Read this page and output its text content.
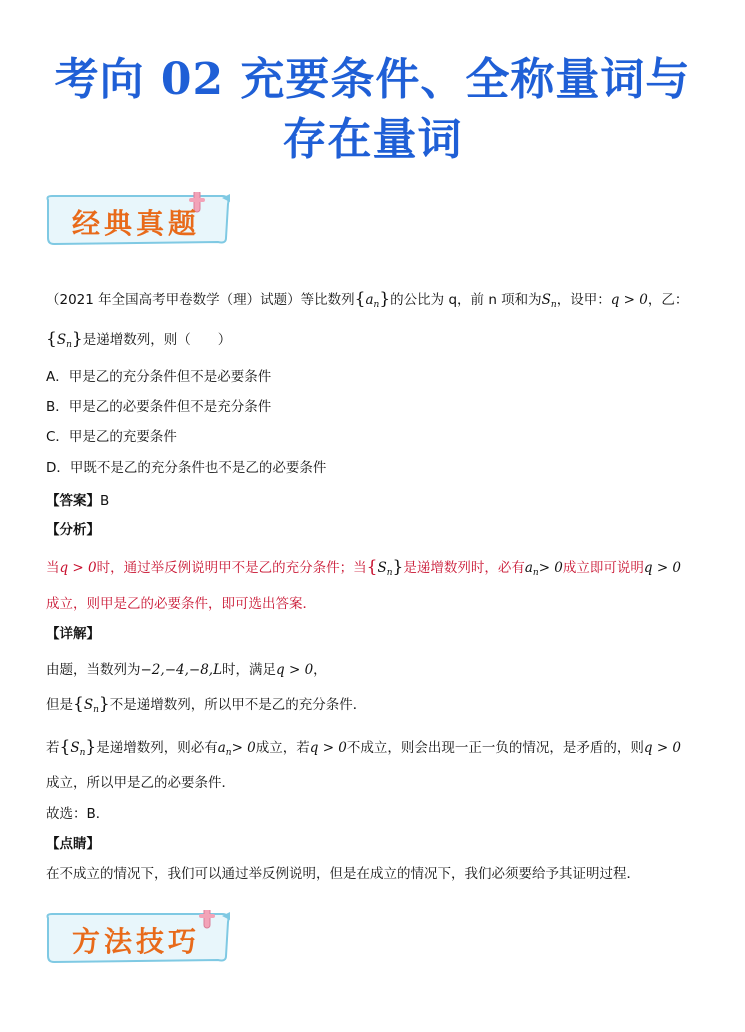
考向 02 充要条件、全称量词与
存在量词
经典真题
（2021 年全国高考甲卷数学（理）试题）等比数列$\{a_n\}$的公比为 q，前 n 项和为$S_n$，设甲：q > 0，乙：
$\{S_n\}$是递增数列，则（　　）
A．甲是乙的充分条件但不是必要条件
B．甲是乙的必要条件但不是充分条件
C．甲是乙的充要条件
D．甲既不是乙的充分条件也不是乙的必要条件
【答案】B
【分析】
当q > 0时，通过举反例说明甲不是乙的充分条件；当$\{S_n\}$是递增数列时，必有$a_n> 0$成立即可说明q > 0
成立，则甲是乙的必要条件，即可选出答案．
【详解】
由题，当数列为−2,−4,−8,L时，满足q > 0，
但是$\{S_n\}$不是递增数列，所以甲不是乙的充分条件．
若$\{S_n\}$是递增数列，则必有$a_n> 0$成立，若q > 0不成立，则会出现一正一负的情况，是矛盾的，则q > 0
成立，所以甲是乙的必要条件．
故选：B．
【点睛】
在不成立的情况下，我们可以通过举反例说明，但是在成立的情况下，我们必须要给予其证明过程．
方法技巧
